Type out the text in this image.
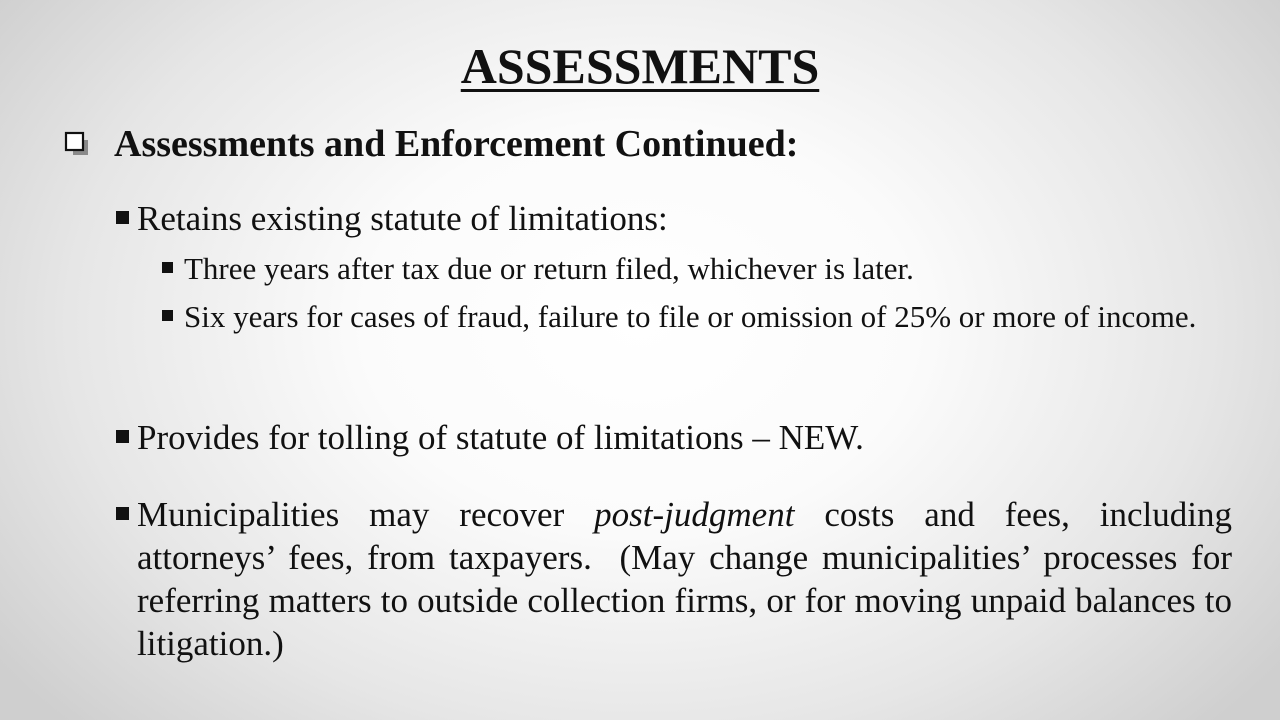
ASSESSMENTS
Assessments and Enforcement Continued:
Retains existing statute of limitations:
Three years after tax due or return filed, whichever is later.
Six years for cases of fraud, failure to file or omission of 25% or more of income.
Provides for tolling of statute of limitations – NEW.
Municipalities may recover post-judgment costs and fees, including attorneys’ fees, from taxpayers.  (May change municipalities’ processes for referring matters to outside collection firms, or for moving unpaid balances to litigation.)
